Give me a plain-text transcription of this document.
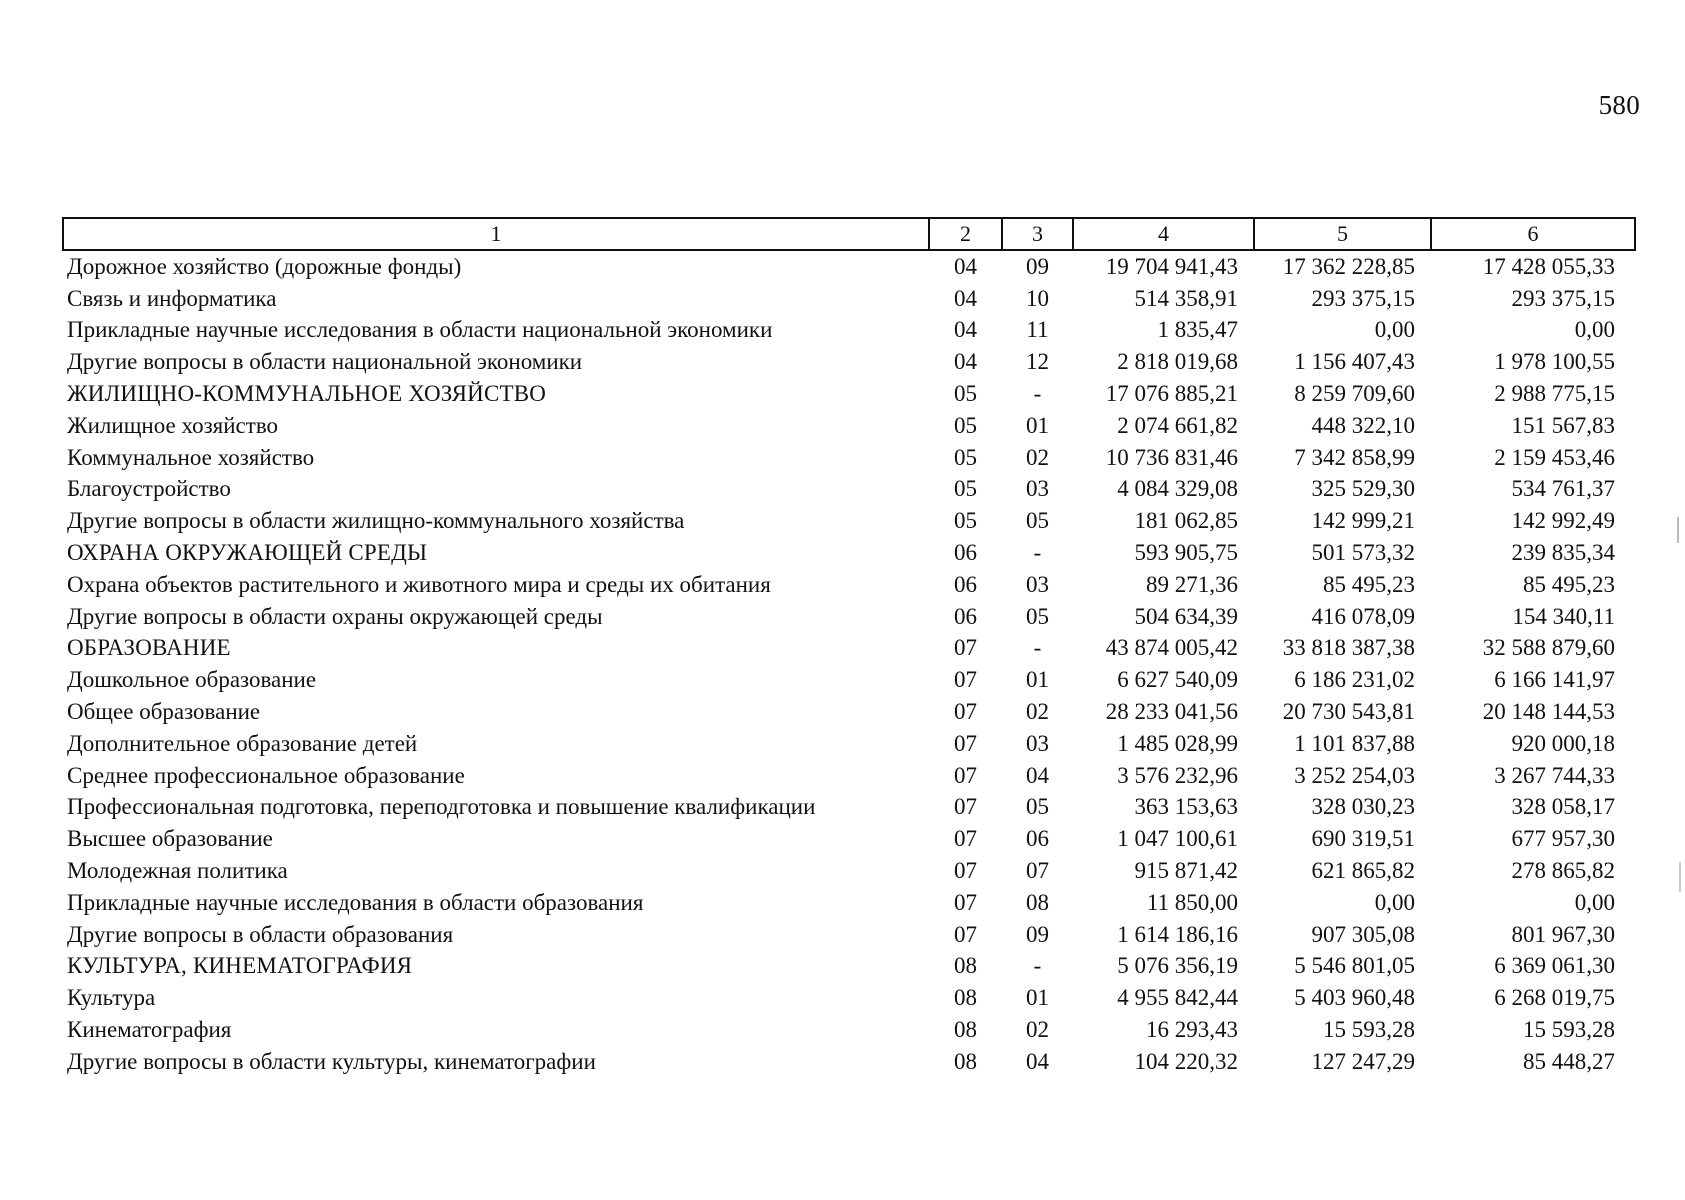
580
1	2	3	4	5	6
Дорожное хозяйство (дорожные фонды)	04	09	19 704 941,43	17 362 228,85	17 428 055,33
Связь и информатика	04	10	514 358,91	293 375,15	293 375,15
Прикладные научные исследования в области национальной экономики	04	11	1 835,47	0,00	0,00
Другие вопросы в области национальной экономики	04	12	2 818 019,68	1 156 407,43	1 978 100,55
ЖИЛИЩНО-КОММУНАЛЬНОЕ ХОЗЯЙСТВО	05	-	17 076 885,21	8 259 709,60	2 988 775,15
Жилищное хозяйство	05	01	2 074 661,82	448 322,10	151 567,83
Коммунальное хозяйство	05	02	10 736 831,46	7 342 858,99	2 159 453,46
Благоустройство	05	03	4 084 329,08	325 529,30	534 761,37
Другие вопросы в области жилищно-коммунального хозяйства	05	05	181 062,85	142 999,21	142 992,49
ОХРАНА ОКРУЖАЮЩЕЙ СРЕДЫ	06	-	593 905,75	501 573,32	239 835,34
Охрана объектов растительного и животного мира и среды их обитания	06	03	89 271,36	85 495,23	85 495,23
Другие вопросы в области охраны окружающей среды	06	05	504 634,39	416 078,09	154 340,11
ОБРАЗОВАНИЕ	07	-	43 874 005,42	33 818 387,38	32 588 879,60
Дошкольное образование	07	01	6 627 540,09	6 186 231,02	6 166 141,97
Общее образование	07	02	28 233 041,56	20 730 543,81	20 148 144,53
Дополнительное образование детей	07	03	1 485 028,99	1 101 837,88	920 000,18
Среднее профессиональное образование	07	04	3 576 232,96	3 252 254,03	3 267 744,33
Профессиональная подготовка, переподготовка и повышение квалификации	07	05	363 153,63	328 030,23	328 058,17
Высшее образование	07	06	1 047 100,61	690 319,51	677 957,30
Молодежная политика	07	07	915 871,42	621 865,82	278 865,82
Прикладные научные исследования в области образования	07	08	11 850,00	0,00	0,00
Другие вопросы в области образования	07	09	1 614 186,16	907 305,08	801 967,30
КУЛЬТУРА, КИНЕМАТОГРАФИЯ	08	-	5 076 356,19	5 546 801,05	6 369 061,30
Культура	08	01	4 955 842,44	5 403 960,48	6 268 019,75
Кинематография	08	02	16 293,43	15 593,28	15 593,28
Другие вопросы в области культуры, кинематографии	08	04	104 220,32	127 247,29	85 448,27
